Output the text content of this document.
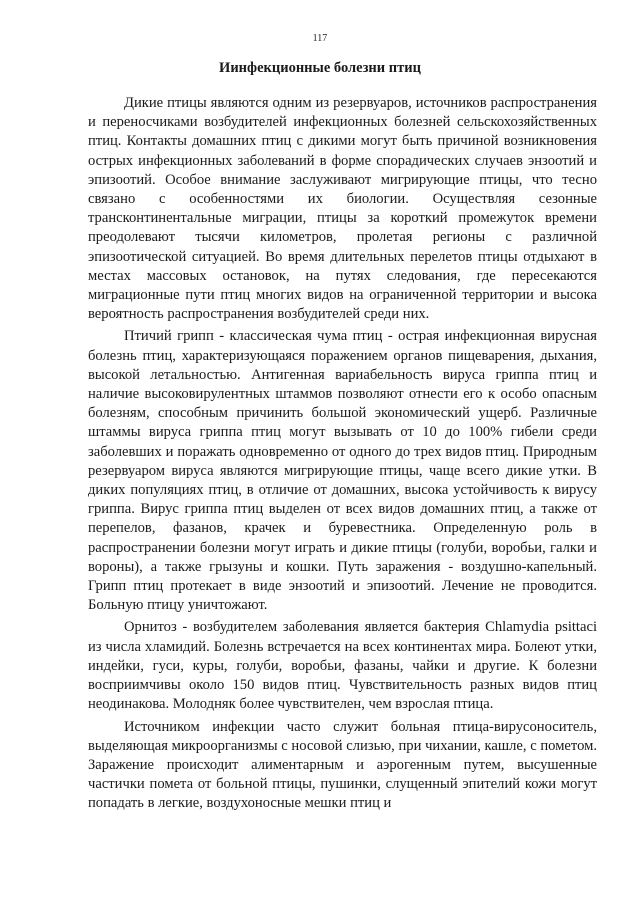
117
Иинфекционные болезни птиц

Дикие птицы являются одним из резервуаров, источников распространения и переносчиками возбудителей инфекционных болезней сельскохозяйственных птиц. Контакты домашних птиц с дикими могут быть причиной возникновения острых инфекционных заболеваний в форме спорадических случаев энзоотий и эпизоотий. Особое внимание заслуживают мигрирующие птицы, что тесно связано с особенностями их биологии. Осуществляя сезонные трансконтинентальные миграции, птицы за короткий промежуток времени преодолевают тысячи километров, пролетая регионы с различной эпизоотической ситуацией. Во время длительных перелетов птицы отдыхают в местах массовых остановок, на путях следования, где пересекаются миграционные пути птиц многих видов на ограниченной территории и высока вероятность распространения возбудителей среди них.

Птичий грипп - классическая чума птиц - острая инфекционная вирусная болезнь птиц, характеризующаяся поражением органов пищеварения, дыхания, высокой летальностью. Антигенная вариабельность вируса гриппа птиц и наличие высоковирулентных штаммов позволяют отнести его к особо опасным болезням, способным причинить большой экономический ущерб. Различные штаммы вируса гриппа птиц могут вызывать от 10 до 100% гибели среди заболевших и поражать одновременно от одного до трех видов птиц. Природным резервуаром вируса являются мигрирующие птицы, чаще всего дикие утки. В диких популяциях птиц, в отличие от домашних, высока устойчивость к вирусу гриппа. Вирус гриппа птиц выделен от всех видов домашних птиц, а также от перепелов, фазанов, крачек и буревестника. Определенную роль в распространении болезни могут играть и дикие птицы (голуби, воробьи, галки и вороны), а также грызуны и кошки. Путь заражения - воздушно-капельный. Грипп птиц протекает в виде энзоотий и эпизоотий. Лечение не проводится. Больную птицу уничтожают.

Орнитоз - возбудителем заболевания является бактерия Chlamydia psittaci из числа хламидий. Болезнь встречается на всех континентах мира. Болеют утки, индейки, гуси, куры, голуби, воробьи, фазаны, чайки и другие. К болезни восприимчивы около 150 видов птиц. Чувствительность разных видов птиц неодинакова. Молодняк более чувствителен, чем взрослая птица.

Источником инфекции часто служит больная птица-вирусоноситель, выделяющая микроорганизмы с носовой слизью, при чихании, кашле, с пометом. Заражение происходит алиментарным и аэрогенным путем, высушенные частички помета от больной птицы, пушинки, слущенный эпителий кожи могут попадать в легкие, воздухоносные мешки птиц и
